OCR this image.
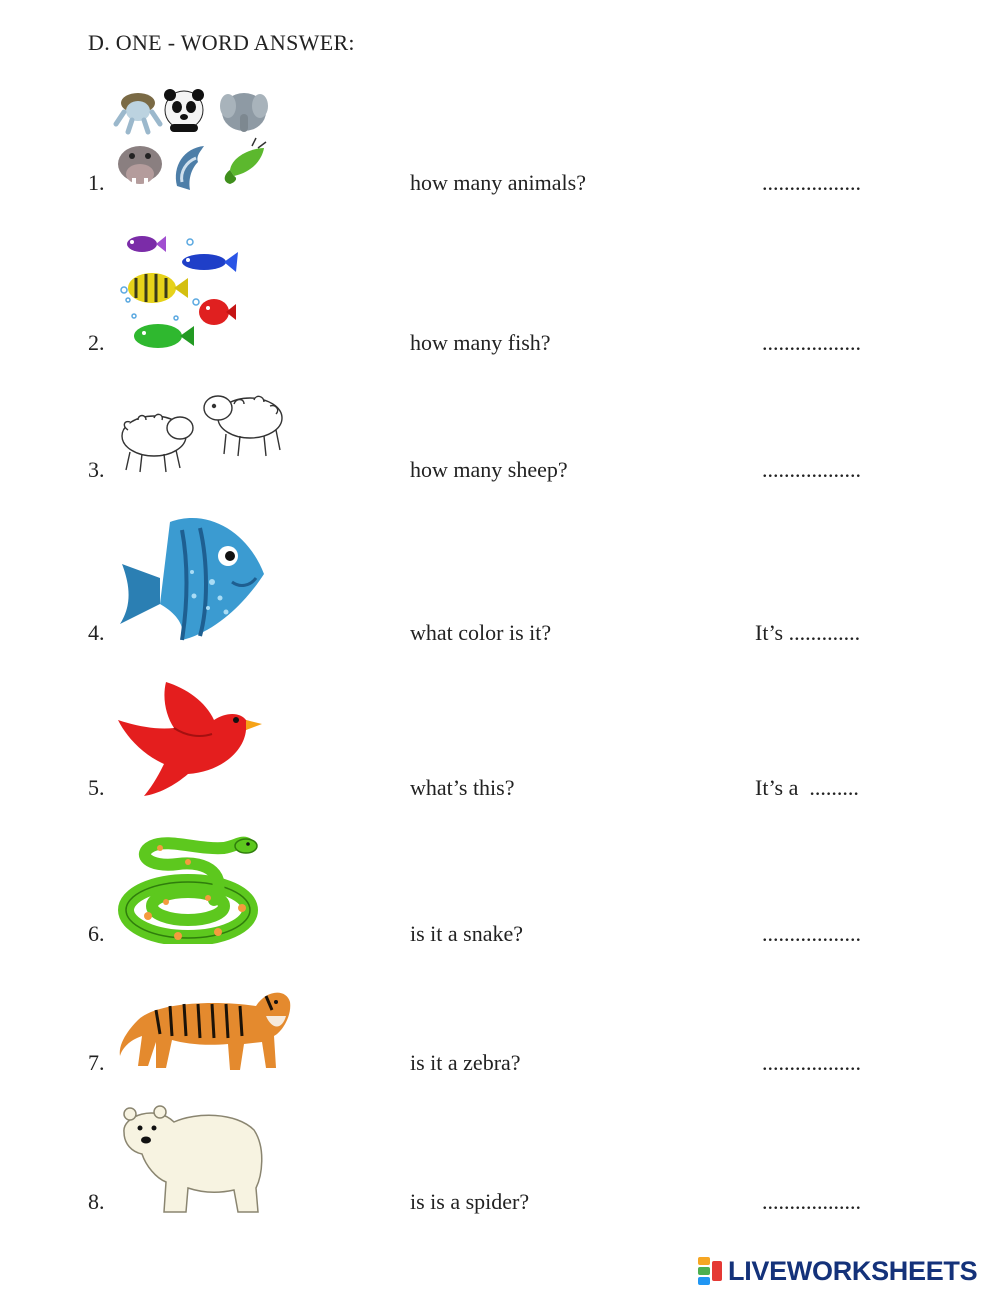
D. ONE - WORD ANSWER:
1.	how many animals?	..................
2.	how many fish?	..................
3.	how many sheep?	..................
4.	what color is it?	It’s .............
5.	what’s this?	It’s a  .........
6.	is it a snake?	..................
7.	is it a zebra?	..................
8.	is is a spider?	..................
LIVEWORKSHEETS
